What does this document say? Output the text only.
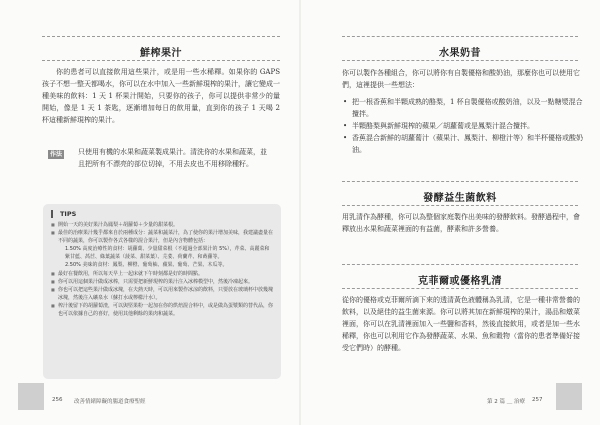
鮮榨果汁

你的患者可以直接飲用這些果汁，或是用一些水稀釋。如果你的 GAPS 孩子不想一整天都喝水，你可以在水中加入一些新鮮現榨的果汁，讓它變成一種美味的飲料：1 天 1 杯果汁開始，只要你的孩子，你可以提供非常少的量開始，像是 1 天 1 茶匙，逐漸增加每日的飲用量，直到你的孩子 1 天喝 2 杯這種新鮮現榨的果汁。

作法 只使用有機的水果和蔬菜製成果汁。清洗你的水果和蔬菜，並且把所有不漂亮的部位切掉，不用去皮也不用移除種籽。
TIPS
■ 開始一天的美好果汁為鳳梨＋胡蘿蔔＋少量的甜菜根。
■ 最佳的治療果汁幾乎都來自於兩種成分：蔬菜和蔬菜汁，為了使你的果汁增加美味，我建議盡量在不同的蔬果，你可以製作各式各樣的混合果汁，但是內含物體包括：
1.50% 高度治療性的食材：胡蘿蔔、少量甜菜根（不超過全部果汁的 5%），芹菜、高麗菜和紫甘藍、萵苣、綠葉蔬菜（菠菜、甜菜葉）、芫荽、荷蘭芹、和蒔蘿等。
2.50% 美味的食材：鳳梨、柳橙、葡萄柚、蘋果、葡萄、芒果、木瓜等。
■ 最好在餐飲用，所以每天早上一起床就下午時刻都是好的時間點。
■ 你可以用這個果汁做成冰棒，只需要把新鮮現榨的果汁注入冰棒模型中，然後冷凍起來。
■ 你也可以把這些果汁做成冰塊，在夫熱天時，可以用來製作冰涼的飲料，只要放在玻璃杯中放幾塊冰塊，然後注入礦泉水（蘇打水或檸檬汁水）。
■ 榨汁後留下的胡蘿蔔渣，可以與堅果粉一起加在你的烘焙混合料中，或是做為蛋漿類的替代品，你也可以依據自己的喜好，使用其他剩餘的果肉和蔬菜。
256 改善情緒障礙的腸道食療聖經
水果奶昔

你可以製作各種組合，你可以將你有自製優格和酸奶油，那麼你也可以使用它們，這裡提供一些想法：

• 把一根香蕉和半顆成熟的酪梨，1 杯自製優格或酸奶油，以及一點糖漿混合攪拌。
• 半顆酪梨與新鮮現榨的蘋果／胡蘿蔔或是鳳梨汁混合攪拌。
• 香蕉混合新鮮的胡蘿蔔汁（蘋果汁、鳳梨汁、柳橙汁等）和半杯優格或酸奶油。
發酵益生菌飲料

用乳清作為酵種，你可以為整個家庭製作出美味的發酵飲料。發酵過程中，會釋放出水果和蔬菜裡面的有益菌，酵素和許多營養。

克菲爾或優格乳清

從你的優格或克菲爾所滴下來的透清黃色液體稱為乳清，它是一種非常營養的飲料，以及絕佳的益生菌來源。你可以將其加在新鮮現榨的果汁，湯品和燉菜裡面，你可以在乳清裡面加入一些鹽和香料，然後直接飲用，或者是加一些水稀釋，你也可以利用它作為發酵蔬菜、水果、魚和穀物（當你的患者準備好接受它們時）的酵種。

第 2 篇 ＿ 治療 257
